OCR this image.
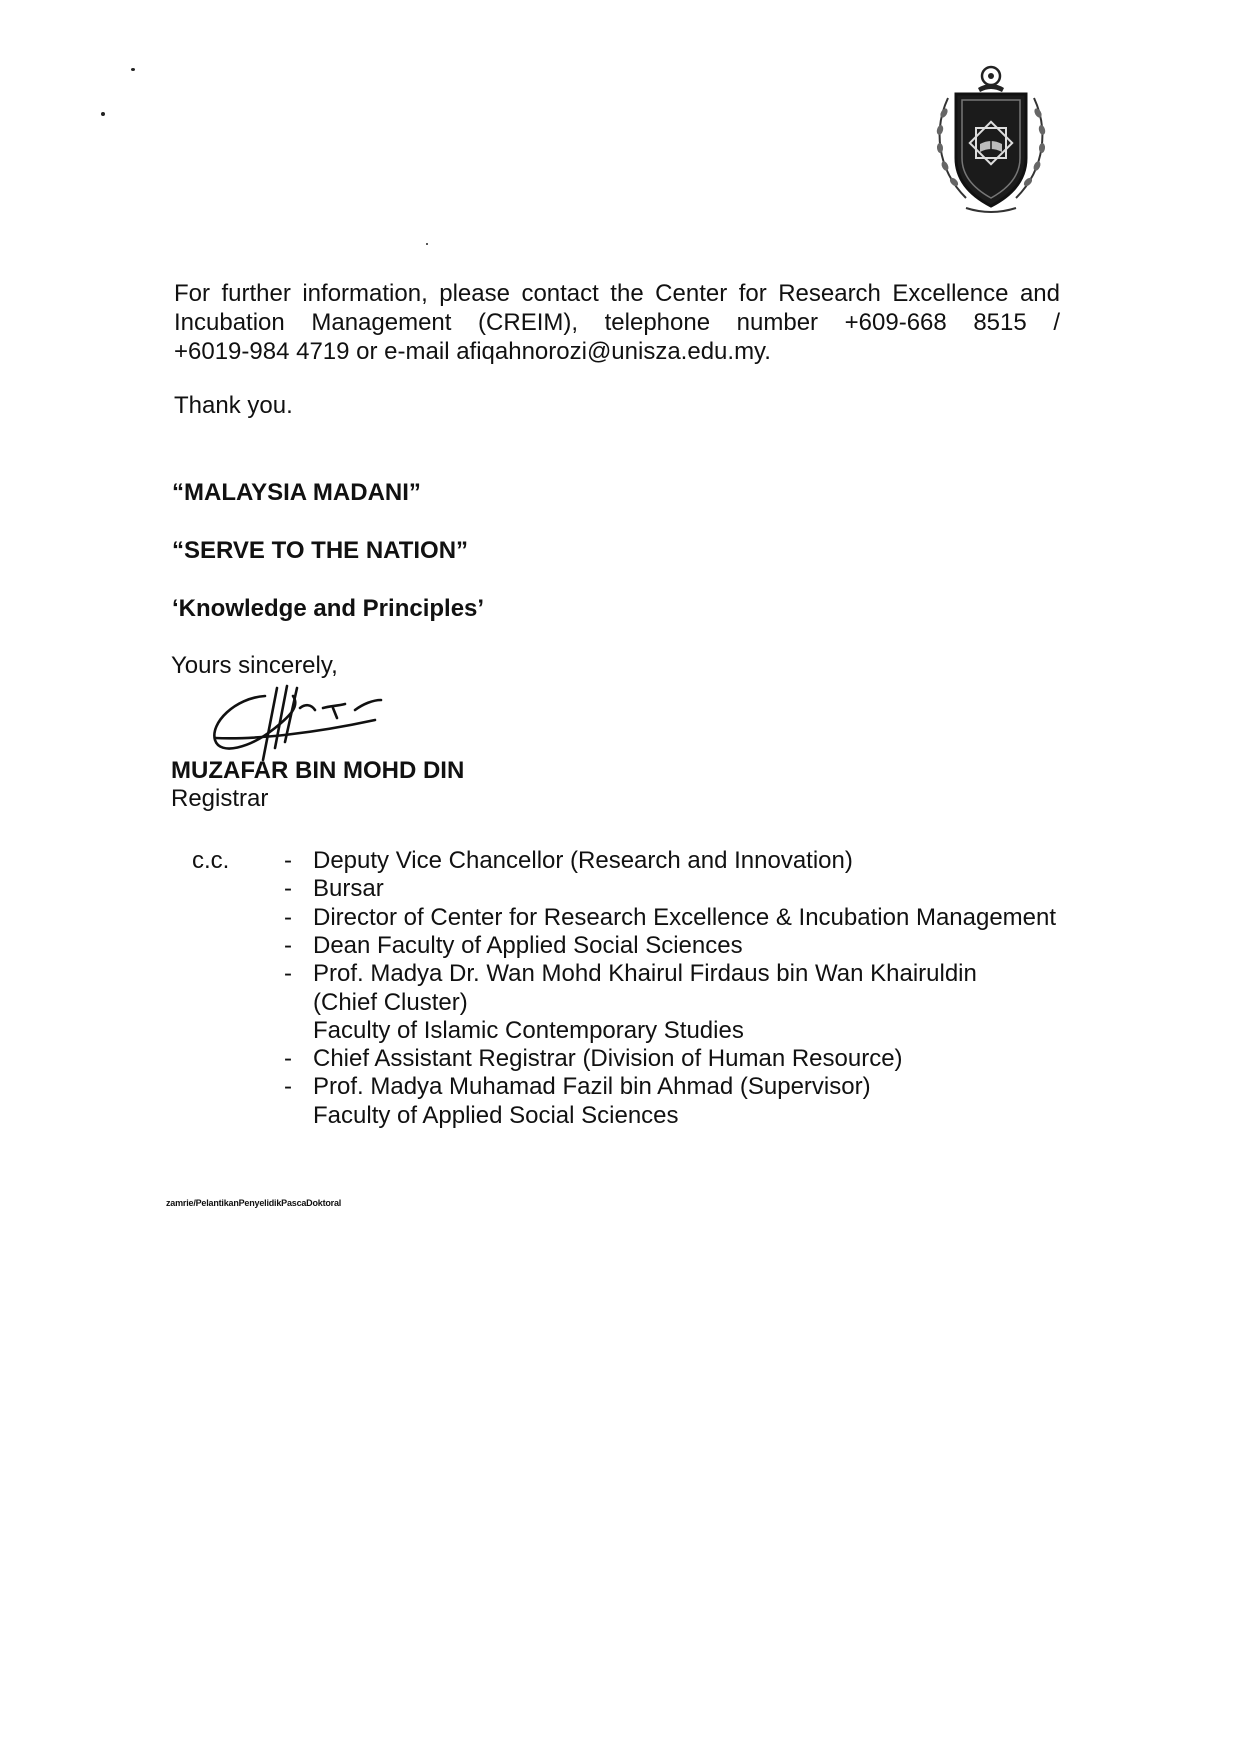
For further information, please contact the Center for Research Excellence and
Incubation Management (CREIM), telephone number +609-668 8515 /
+6019-984 4719 or e-mail afiqahnorozi@unisza.edu.my.
Thank you.
“MALAYSIA MADANI”
“SERVE TO THE NATION”
‘Knowledge and Principles’
Yours sincerely,
MUZAFAR BIN MOHD DIN
Registrar
c.c. - Deputy Vice Chancellor (Research and Innovation)
- Bursar
- Director of Center for Research Excellence & Incubation Management
- Dean Faculty of Applied Social Sciences
- Prof. Madya Dr. Wan Mohd Khairul Firdaus bin Wan Khairuldin
(Chief Cluster)
Faculty of Islamic Contemporary Studies
- Chief Assistant Registrar (Division of Human Resource)
- Prof. Madya Muhamad Fazil bin Ahmad (Supervisor)
Faculty of Applied Social Sciences
zamrie/PelantikanPenyelidikPascaDoktoral
